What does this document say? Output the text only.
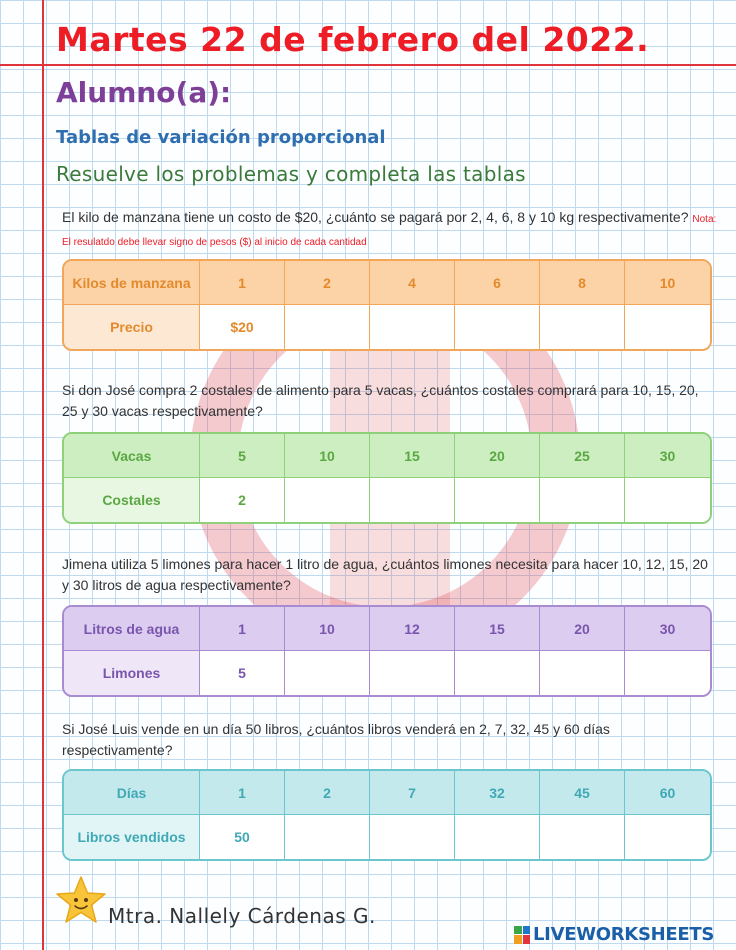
Martes 22 de febrero del 2022.
Alumno(a):
Tablas de variación proporcional
Resuelve los problemas y completa las tablas
El kilo de manzana tiene un costo de $20, ¿cuánto se pagará por 2, 4, 6, 8 y 10 kg respectivamente? Nota: El resulatdo debe llevar signo de pesos ($) al inicio de cada cantidad
Kilos de manzana	1	2	4	6	8	10
Precio	$20
Si don José compra 2 costales de alimento para 5 vacas, ¿cuántos costales comprará para 10, 15, 20, 25 y 30 vacas respectivamente?
Vacas	5	10	15	20	25	30
Costales	2
Jimena utiliza 5 limones para hacer 1 litro de agua, ¿cuántos limones necesita para hacer 10, 12, 15, 20 y 30 litros de agua respectivamente?
Litros de agua	1	10	12	15	20	30
Limones	5
Si José Luis vende en un día 50 libros, ¿cuántos libros venderá en 2, 7, 32, 45 y 60 días respectivamente?
Días	1	2	7	32	45	60
Libros vendidos	50
Mtra. Nallely Cárdenas G.
LIVEWORKSHEETS
